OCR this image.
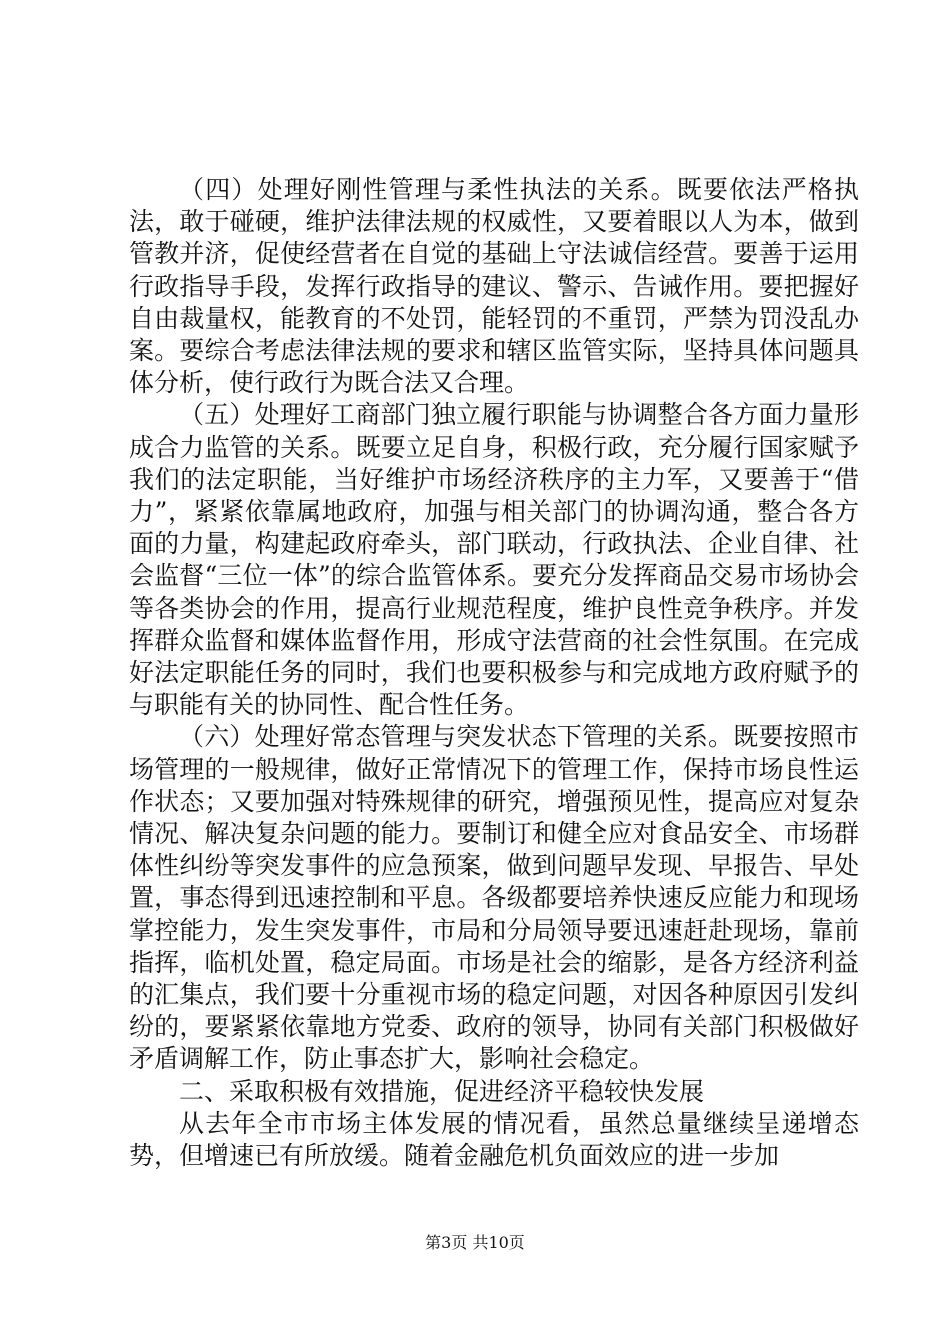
（四）处理好刚性管理与柔性执法的关系。既要依法严格执法，敢于碰硬，维护法律法规的权威性，又要着眼以人为本，做到管教并济，促使经营者在自觉的基础上守法诚信经营。要善于运用行政指导手段，发挥行政指导的建议、警示、告诫作用。要把握好自由裁量权，能教育的不处罚，能轻罚的不重罚，严禁为罚没乱办案。要综合考虑法律法规的要求和辖区监管实际，坚持具体问题具体分析，使行政行为既合法又合理。

（五）处理好工商部门独立履行职能与协调整合各方面力量形成合力监管的关系。既要立足自身，积极行政，充分履行国家赋予我们的法定职能，当好维护市场经济秩序的主力军，又要善于“借力”，紧紧依靠属地政府，加强与相关部门的协调沟通，整合各方面的力量，构建起政府牵头，部门联动，行政执法、企业自律、社会监督“三位一体”的综合监管体系。要充分发挥商品交易市场协会等各类协会的作用，提高行业规范程度，维护良性竞争秩序。并发挥群众监督和媒体监督作用，形成守法营商的社会性氛围。在完成好法定职能任务的同时，我们也要积极参与和完成地方政府赋予的与职能有关的协同性、配合性任务。

（六）处理好常态管理与突发状态下管理的关系。既要按照市场管理的一般规律，做好正常情况下的管理工作，保持市场良性运作状态；又要加强对特殊规律的研究，增强预见性，提高应对复杂情况、解决复杂问题的能力。要制订和健全应对食品安全、市场群体性纠纷等突发事件的应急预案，做到问题早发现、早报告、早处置，事态得到迅速控制和平息。各级都要培养快速反应能力和现场掌控能力，发生突发事件，市局和分局领导要迅速赶赴现场，靠前指挥，临机处置，稳定局面。市场是社会的缩影，是各方经济利益的汇集点，我们要十分重视市场的稳定问题，对因各种原因引发纠纷的，要紧紧依靠地方党委、政府的领导，协同有关部门积极做好矛盾调解工作，防止事态扩大，影响社会稳定。

二、采取积极有效措施，促进经济平稳较快发展

从去年全市市场主体发展的情况看，虽然总量继续呈递增态势，但增速已有所放缓。随着金融危机负面效应的进一步加

第3页 共10页
